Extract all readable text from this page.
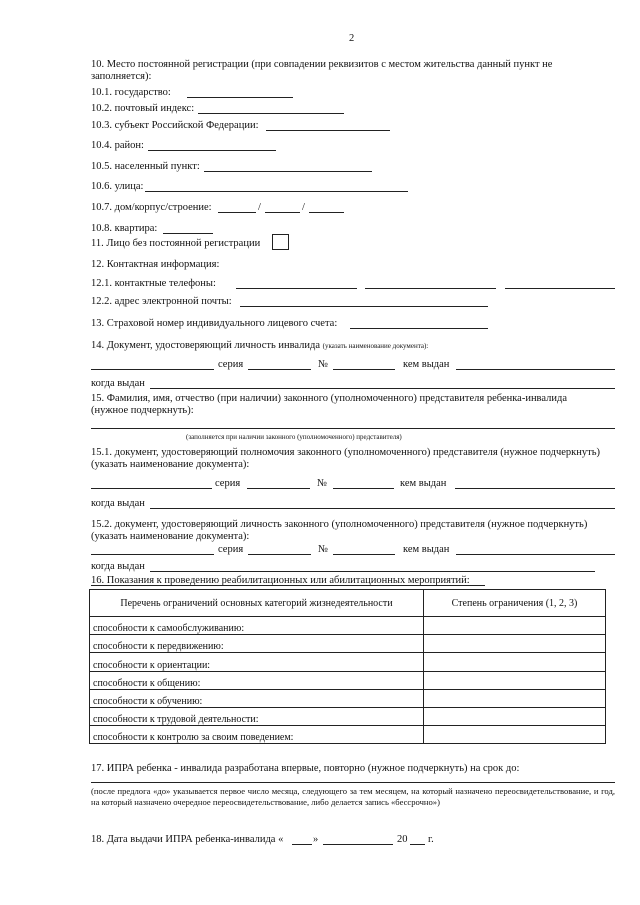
2
10. Место постоянной регистрации (при совпадении реквизитов с местом жительства данный пункт не
заполняется):
10.1. государство:
10.2. почтовый индекс:
10.3. субъект Российской Федерации:
10.4. район:
10.5. населенный пункт:
10.6. улица:
10.7. дом/корпус/строение:	/	/
10.8. квартира:
11. Лицо без постоянной регистрации
12. Контактная информация:
12.1. контактные телефоны:
12.2. адрес электронной почты:
13. Страховой номер индивидуального лицевого счета:
14. Документ, удостоверяющий личность инвалида (указать наименование документа):
серия	№	кем выдан
когда выдан
15. Фамилия, имя, отчество (при наличии) законного (уполномоченного) представителя ребенка-инвалида
(нужное подчеркнуть):
(заполняется при наличии законного (уполномоченного) представителя)
15.1. документ, удостоверяющий полномочия законного (уполномоченного) представителя (нужное подчеркнуть)
(указать наименование документа):
серия	№	кем выдан
когда выдан
15.2. документ, удостоверяющий личность законного (уполномоченного) представителя (нужное подчеркнуть)
(указать наименование документа):
серия	№	кем выдан
когда выдан
16. Показания к проведению реабилитационных или абилитационных мероприятий:
Перечень ограничений основных категорий жизнедеятельности	Степень ограничения (1, 2, 3)
способности к самообслуживанию:	
способности к передвижению:	
способности к ориентации:	
способности к общению:	
способности к обучению:	
способности к трудовой деятельности:	
способности к контролю за своим поведением:	
17. ИПРА ребенка - инвалида разработана впервые, повторно (нужное подчеркнуть) на срок до:
(после предлога «до» указывается первое число месяца, следующего за тем месяцем, на который назначено переосвидетельствование, и год, на который назначено очередное переосвидетельствование, либо делается запись «бессрочно»)
18. Дата выдачи ИПРА ребенка-инвалида «	»	20 г.
